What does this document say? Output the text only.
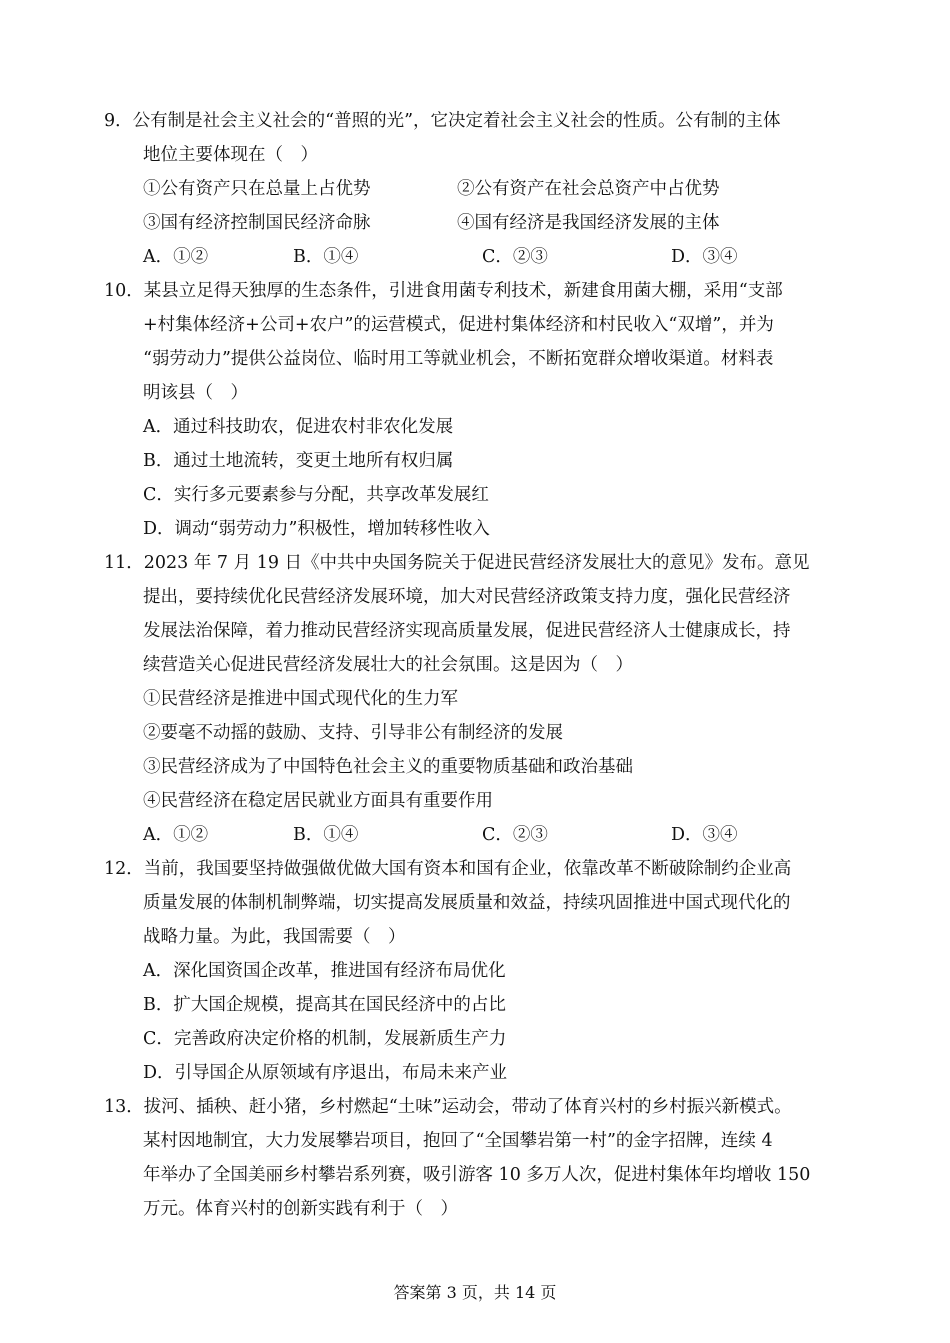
9．公有制是社会主义社会的“普照的光”，它决定着社会主义社会的性质。公有制的主体
地位主要体现在（　）
①公有资产只在总量上占优势	②公有资产在社会总资产中占优势
③国有经济控制国民经济命脉	④国有经济是我国经济发展的主体
A．①②	B．①④	C．②③	D．③④
10．某县立足得天独厚的生态条件，引进食用菌专利技术，新建食用菌大棚，采用“支部
+村集体经济+公司+农户”的运营模式，促进村集体经济和村民收入“双增”，并为
“弱劳动力”提供公益岗位、临时用工等就业机会，不断拓宽群众增收渠道。材料表
明该县（　）
A．通过科技助农，促进农村非农化发展
B．通过土地流转，变更土地所有权归属
C．实行多元要素参与分配，共享改革发展红
D．调动“弱劳动力”积极性，增加转移性收入
11．2023 年 7 月 19 日《中共中央国务院关于促进民营经济发展壮大的意见》发布。意见
提出，要持续优化民营经济发展环境，加大对民营经济政策支持力度，强化民营经济
发展法治保障，着力推动民营经济实现高质量发展，促进民营经济人士健康成长，持
续营造关心促进民营经济发展壮大的社会氛围。这是因为（　）
①民营经济是推进中国式现代化的生力军
②要毫不动摇的鼓励、支持、引导非公有制经济的发展
③民营经济成为了中国特色社会主义的重要物质基础和政治基础
④民营经济在稳定居民就业方面具有重要作用
A．①②	B．①④	C．②③	D．③④
12．当前，我国要坚持做强做优做大国有资本和国有企业，依靠改革不断破除制约企业高
质量发展的体制机制弊端，切实提高发展质量和效益，持续巩固推进中国式现代化的
战略力量。为此，我国需要（　）
A．深化国资国企改革，推进国有经济布局优化
B．扩大国企规模，提高其在国民经济中的占比
C．完善政府决定价格的机制，发展新质生产力
D．引导国企从原领域有序退出，布局未来产业
13．拔河、插秧、赶小猪，乡村燃起“土味”运动会，带动了体育兴村的乡村振兴新模式。
某村因地制宜，大力发展攀岩项目，抱回了“全国攀岩第一村”的金字招牌，连续 4
年举办了全国美丽乡村攀岩系列赛，吸引游客 10 多万人次，促进村集体年均增收 150
万元。体育兴村的创新实践有利于（　）
答案第 3 页，共 14 页
